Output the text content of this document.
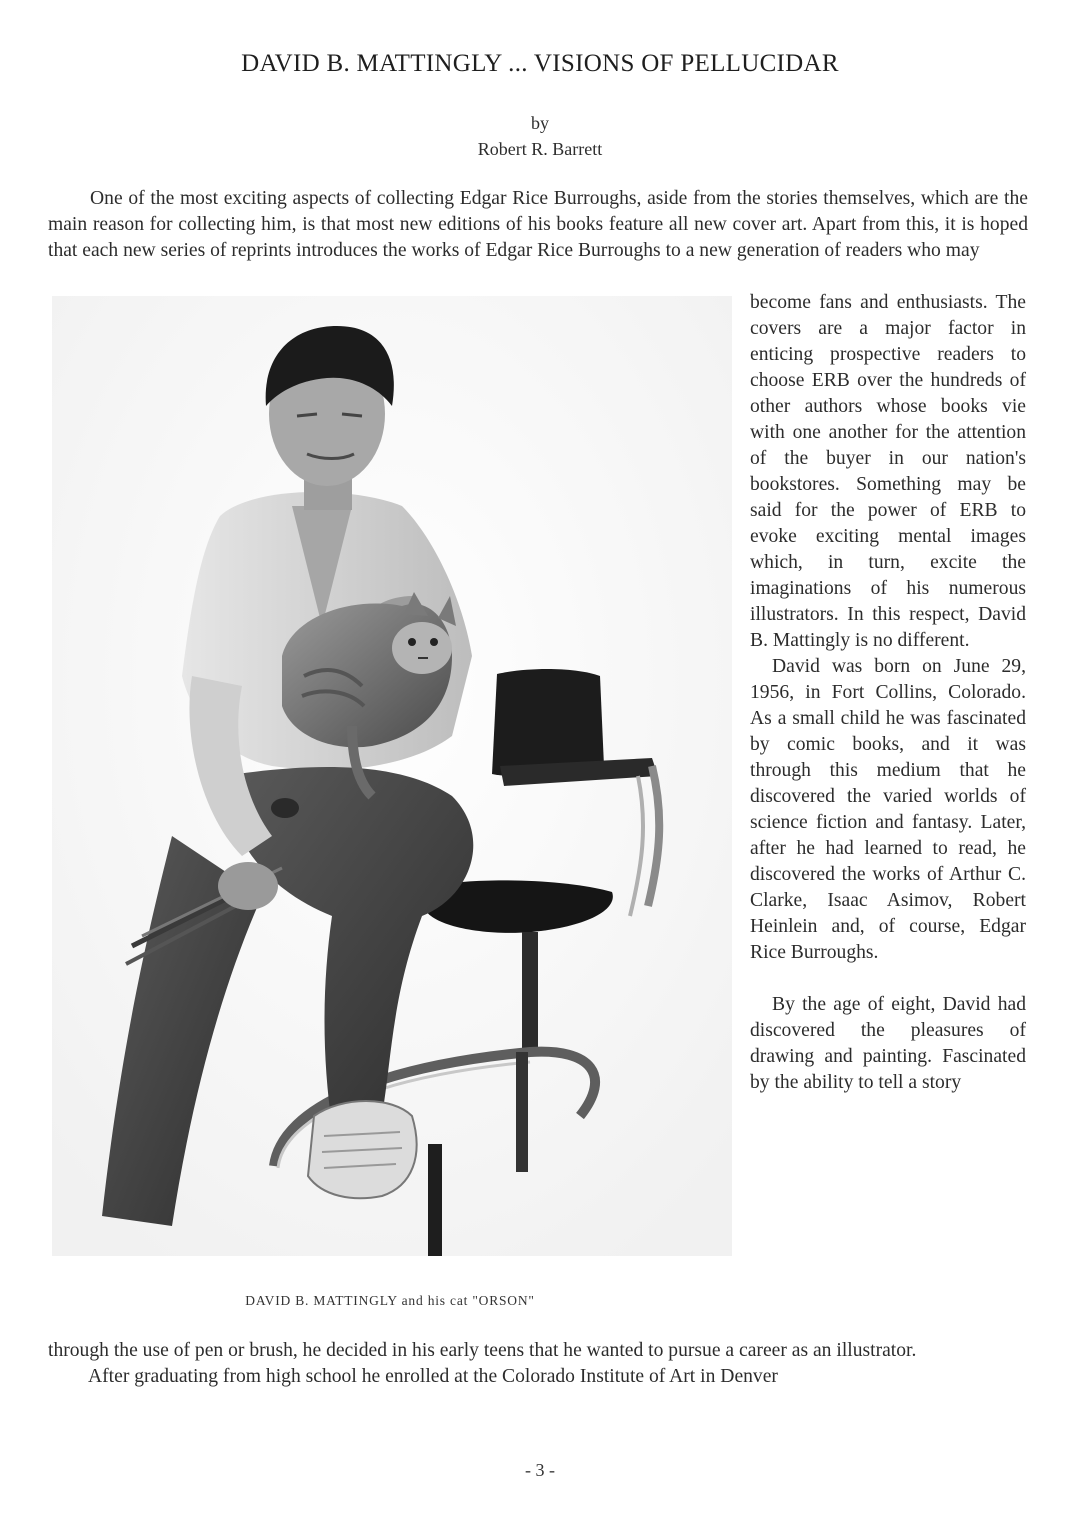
DAVID B. MATTINGLY ... VISIONS OF PELLUCIDAR
by
Robert R. Barrett

One of the most exciting aspects of collecting Edgar Rice Burroughs, aside from the stories themselves, which are the main reason for collecting him, is that most new editions of his books feature all new cover art. Apart from this, it is hoped that each new series of reprints introduces the works of Edgar Rice Burroughs to a new generation of readers who may

DAVID B. MATTINGLY and his cat "ORSON"

become fans and enthusiasts. The covers are a major factor in enticing prospective readers to choose ERB over the hundreds of other authors whose books vie with one another for the attention of the buyer in our nation's bookstores. Something may be said for the power of ERB to evoke exciting mental images which, in turn, excite the imaginations of his numerous illustrators. In this respect, David B. Mattingly is no different.

David was born on June 29, 1956, in Fort Collins, Colorado. As a small child he was fascinated by comic books, and it was through this medium that he discovered the varied worlds of science fiction and fantasy. Later, after he had learned to read, he discovered the works of Arthur C. Clarke, Isaac Asimov, Robert Heinlein and, of course, Edgar Rice Burroughs.

By the age of eight, David had discovered the pleasures of drawing and painting. Fascinated by the ability to tell a story

through the use of pen or brush, he decided in his early teens that he wanted to pursue a career as an illustrator.

After graduating from high school he enrolled at the Colorado Institute of Art in Denver

- 3 -
